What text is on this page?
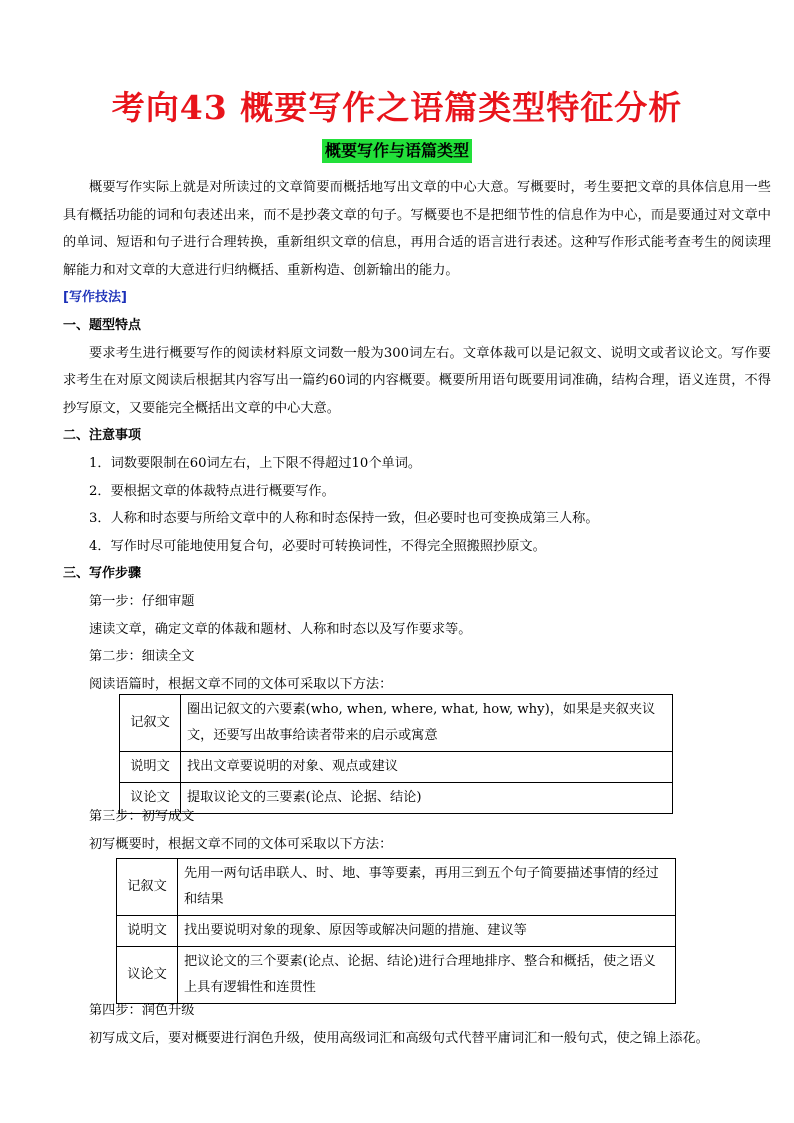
考向43 概要写作之语篇类型特征分析
概要写作与语篇类型

概要写作实际上就是对所读过的文章简要而概括地写出文章的中心大意。写概要时，考生要把文章的具体信息用一些具有概括功能的词和句表述出来，而不是抄袭文章的句子。写概要也不是把细节性的信息作为中心，而是要通过对文章中的单词、短语和句子进行合理转换，重新组织文章的信息，再用合适的语言进行表述。这种写作形式能考查考生的阅读理解能力和对文章的大意进行归纳概括、重新构造、创新输出的能力。

[写作技法]

一、题型特点

要求考生进行概要写作的阅读材料原文词数一般为300词左右。文章体裁可以是记叙文、说明文或者议论文。写作要求考生在对原文阅读后根据其内容写出一篇约60词的内容概要。概要所用语句既要用词准确，结构合理，语义连贯，不得抄写原文，又要能完全概括出文章的中心大意。

二、注意事项

1．词数要限制在60词左右，上下限不得超过10个单词。

2．要根据文章的体裁特点进行概要写作。

3．人称和时态要与所给文章中的人称和时态保持一致，但必要时也可变换成第三人称。

4．写作时尽可能地使用复合句，必要时可转换词性，不得完全照搬照抄原文。

三、写作步骤

第一步：仔细审题

速读文章，确定文章的体裁和题材、人称和时态以及写作要求等。

第二步：细读全文

阅读语篇时，根据文章不同的文体可采取以下方法：

记叙文	圈出记叙文的六要素(who, when, where, what, how, why)，如果是夹叙夹议文，还要写出故事给读者带来的启示或寓意
说明文	找出文章要说明的对象、观点或建议
议论文	提取议论文的三要素(论点、论据、结论)

第三步：初写成文

初写概要时，根据文章不同的文体可采取以下方法：

记叙文	先用一两句话串联人、时、地、事等要素，再用三到五个句子简要描述事情的经过和结果
说明文	找出要说明对象的现象、原因等或解决问题的措施、建议等
议论文	把议论文的三个要素(论点、论据、结论)进行合理地排序、整合和概括，使之语义上具有逻辑性和连贯性

第四步：润色升级

初写成文后，要对概要进行润色升级，使用高级词汇和高级句式代替平庸词汇和一般句式，使之锦上添花。
